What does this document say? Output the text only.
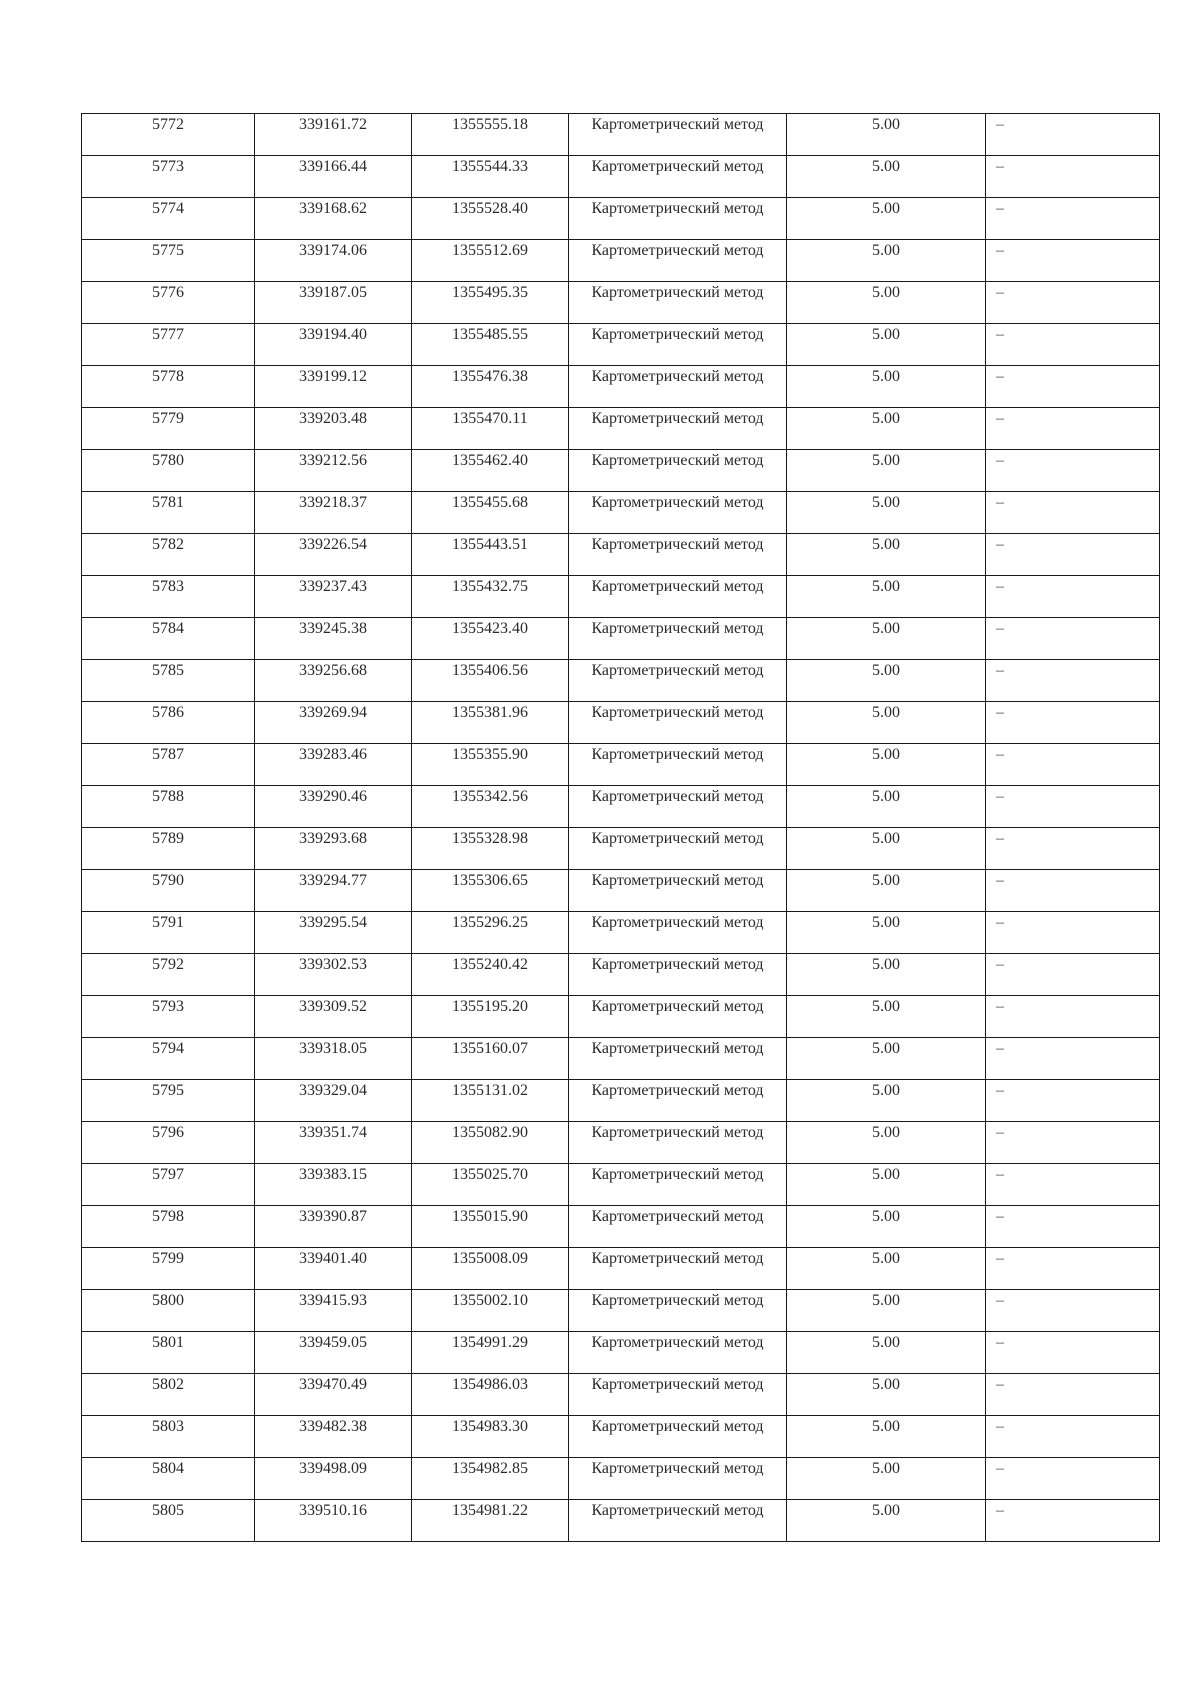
5772	339161.72	1355555.18	Картометрический метод	5.00	–
5773	339166.44	1355544.33	Картометрический метод	5.00	–
5774	339168.62	1355528.40	Картометрический метод	5.00	–
5775	339174.06	1355512.69	Картометрический метод	5.00	–
5776	339187.05	1355495.35	Картометрический метод	5.00	–
5777	339194.40	1355485.55	Картометрический метод	5.00	–
5778	339199.12	1355476.38	Картометрический метод	5.00	–
5779	339203.48	1355470.11	Картометрический метод	5.00	–
5780	339212.56	1355462.40	Картометрический метод	5.00	–
5781	339218.37	1355455.68	Картометрический метод	5.00	–
5782	339226.54	1355443.51	Картометрический метод	5.00	–
5783	339237.43	1355432.75	Картометрический метод	5.00	–
5784	339245.38	1355423.40	Картометрический метод	5.00	–
5785	339256.68	1355406.56	Картометрический метод	5.00	–
5786	339269.94	1355381.96	Картометрический метод	5.00	–
5787	339283.46	1355355.90	Картометрический метод	5.00	–
5788	339290.46	1355342.56	Картометрический метод	5.00	–
5789	339293.68	1355328.98	Картометрический метод	5.00	–
5790	339294.77	1355306.65	Картометрический метод	5.00	–
5791	339295.54	1355296.25	Картометрический метод	5.00	–
5792	339302.53	1355240.42	Картометрический метод	5.00	–
5793	339309.52	1355195.20	Картометрический метод	5.00	–
5794	339318.05	1355160.07	Картометрический метод	5.00	–
5795	339329.04	1355131.02	Картометрический метод	5.00	–
5796	339351.74	1355082.90	Картометрический метод	5.00	–
5797	339383.15	1355025.70	Картометрический метод	5.00	–
5798	339390.87	1355015.90	Картометрический метод	5.00	–
5799	339401.40	1355008.09	Картометрический метод	5.00	–
5800	339415.93	1355002.10	Картометрический метод	5.00	–
5801	339459.05	1354991.29	Картометрический метод	5.00	–
5802	339470.49	1354986.03	Картометрический метод	5.00	–
5803	339482.38	1354983.30	Картометрический метод	5.00	–
5804	339498.09	1354982.85	Картометрический метод	5.00	–
5805	339510.16	1354981.22	Картометрический метод	5.00	–
